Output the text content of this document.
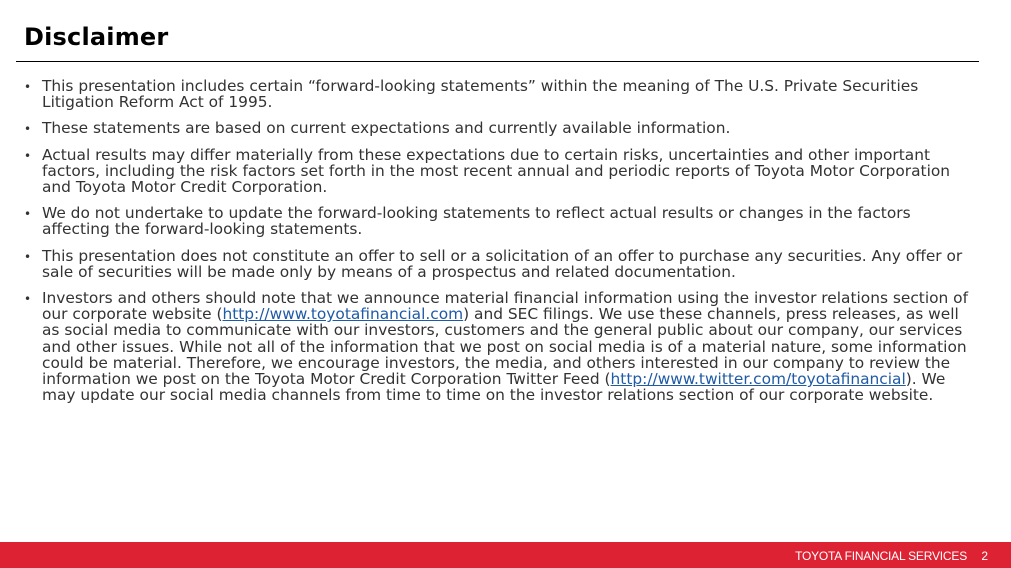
Disclaimer
• This presentation includes certain “forward-looking statements” within the meaning of The U.S. Private Securities Litigation Reform Act of 1995.
• These statements are based on current expectations and currently available information.
• Actual results may differ materially from these expectations due to certain risks, uncertainties and other important factors, including the risk factors set forth in the most recent annual and periodic reports of Toyota Motor Corporation and Toyota Motor Credit Corporation.
• We do not undertake to update the forward-looking statements to reflect actual results or changes in the factors affecting the forward-looking statements.
• This presentation does not constitute an offer to sell or a solicitation of an offer to purchase any securities. Any offer or sale of securities will be made only by means of a prospectus and related documentation.
• Investors and others should note that we announce material financial information using the investor relations section of our corporate website (http://www.toyotafinancial.com) and SEC filings. We use these channels, press releases, as well as social media to communicate with our investors, customers and the general public about our company, our services and other issues. While not all of the information that we post on social media is of a material nature, some information could be material. Therefore, we encourage investors, the media, and others interested in our company to review the information we post on the Toyota Motor Credit Corporation Twitter Feed (http://www.twitter.com/toyotafinancial). We may update our social media channels from time to time on the investor relations section of our corporate website.
TOYOTA FINANCIAL SERVICES 2
